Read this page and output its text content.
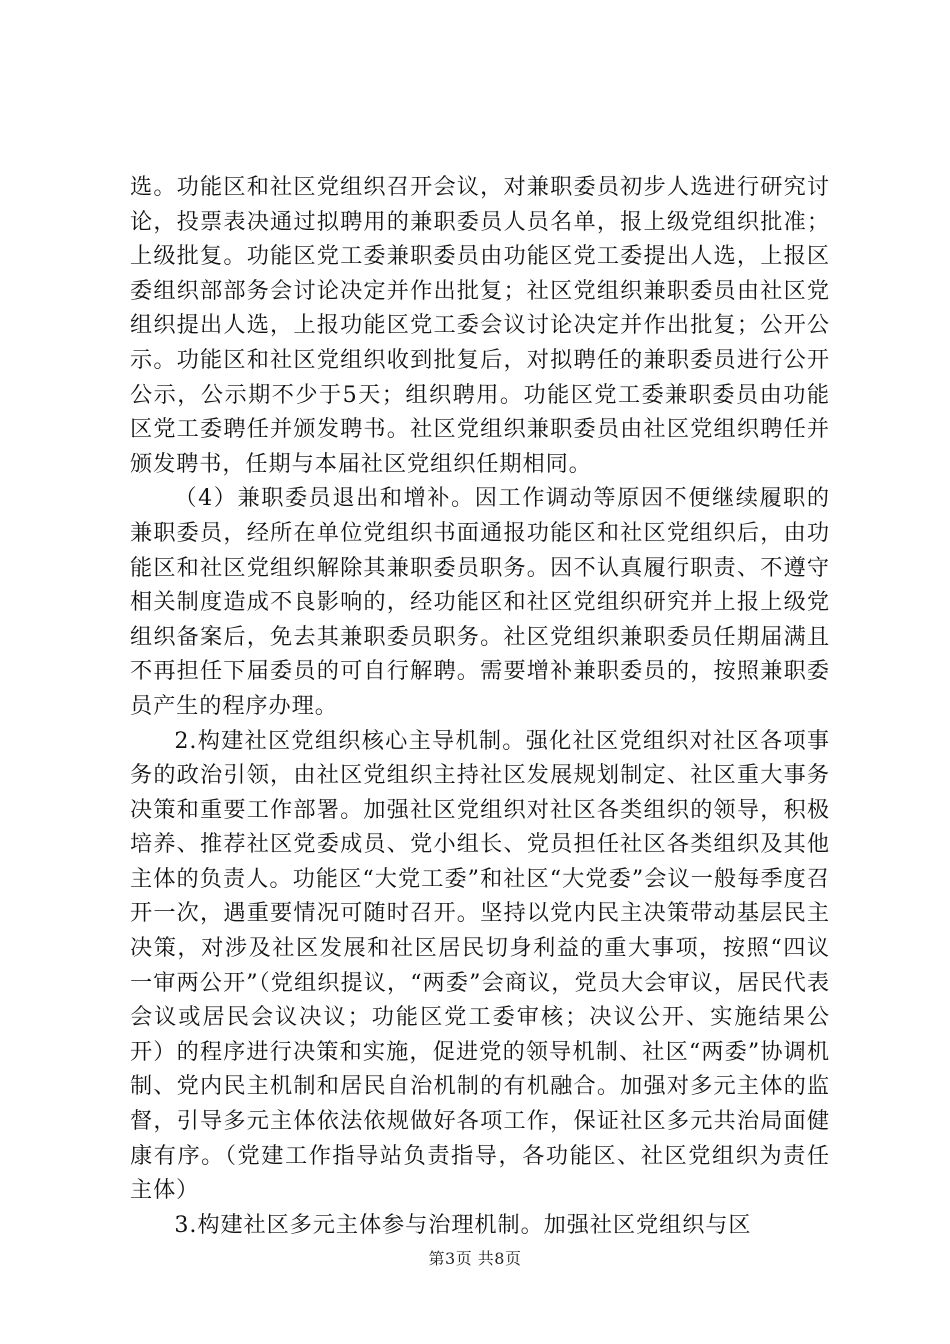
选。功能区和社区党组织召开会议，对兼职委员初步人选进行研究讨论，投票表决通过拟聘用的兼职委员人员名单，报上级党组织批准；上级批复。功能区党工委兼职委员由功能区党工委提出人选，上报区委组织部部务会讨论决定并作出批复；社区党组织兼职委员由社区党组织提出人选，上报功能区党工委会议讨论决定并作出批复；公开公示。功能区和社区党组织收到批复后，对拟聘任的兼职委员进行公开公示，公示期不少于5天；组织聘用。功能区党工委兼职委员由功能区党工委聘任并颁发聘书。社区党组织兼职委员由社区党组织聘任并颁发聘书，任期与本届社区党组织任期相同。

（4）兼职委员退出和增补。因工作调动等原因不便继续履职的兼职委员，经所在单位党组织书面通报功能区和社区党组织后，由功能区和社区党组织解除其兼职委员职务。因不认真履行职责、不遵守相关制度造成不良影响的，经功能区和社区党组织研究并上报上级党组织备案后，免去其兼职委员职务。社区党组织兼职委员任期届满且不再担任下届委员的可自行解聘。需要增补兼职委员的，按照兼职委员产生的程序办理。

2.构建社区党组织核心主导机制。强化社区党组织对社区各项事务的政治引领，由社区党组织主持社区发展规划制定、社区重大事务决策和重要工作部署。加强社区党组织对社区各类组织的领导，积极培养、推荐社区党委成员、党小组长、党员担任社区各类组织及其他主体的负责人。功能区“大党工委”和社区“大党委”会议一般每季度召开一次，遇重要情况可随时召开。坚持以党内民主决策带动基层民主决策，对涉及社区发展和社区居民切身利益的重大事项，按照“四议一审两公开”（党组织提议，“两委”会商议，党员大会审议，居民代表会议或居民会议决议；功能区党工委审核；决议公开、实施结果公开）的程序进行决策和实施，促进党的领导机制、社区“两委”协调机制、党内民主机制和居民自治机制的有机融合。加强对多元主体的监督，引导多元主体依法依规做好各项工作，保证社区多元共治局面健康有序。（党建工作指导站负责指导，各功能区、社区党组织为责任主体）

3.构建社区多元主体参与治理机制。加强社区党组织与区

第3页 共8页
